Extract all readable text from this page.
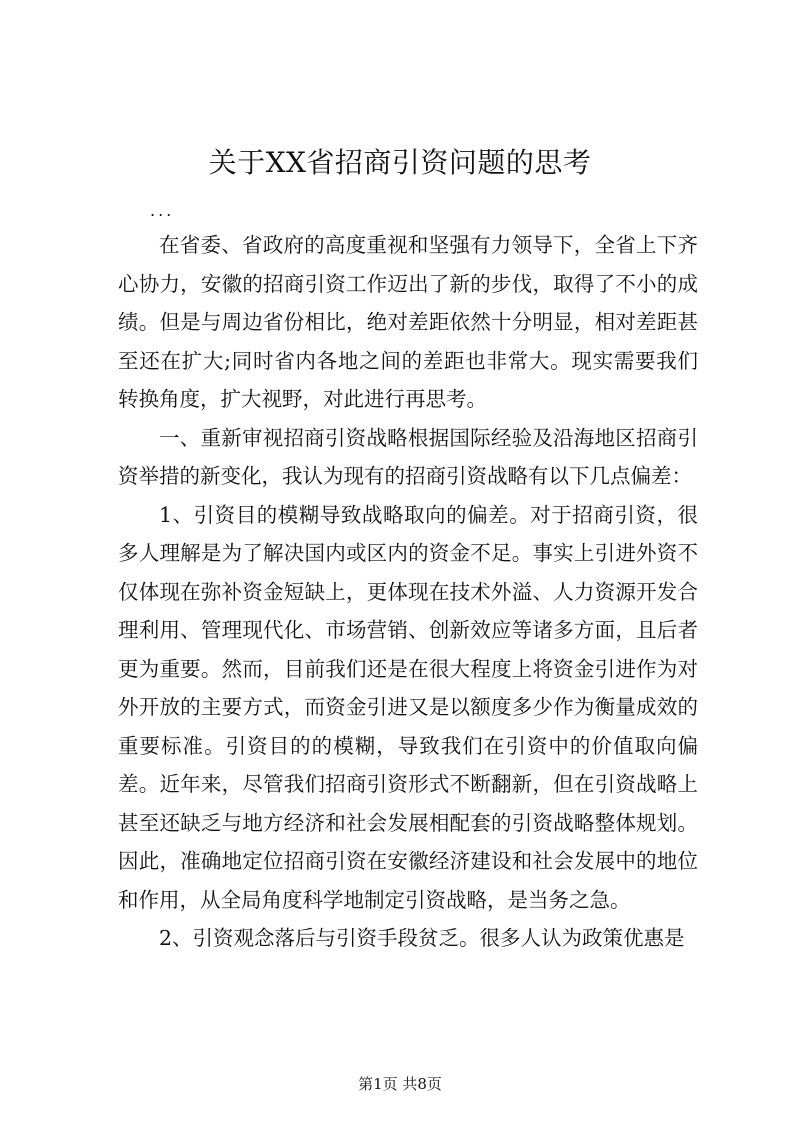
关于XX省招商引资问题的思考
...

在省委、省政府的高度重视和坚强有力领导下，全省上下齐心协力，安徽的招商引资工作迈出了新的步伐，取得了不小的成绩。但是与周边省份相比，绝对差距依然十分明显，相对差距甚至还在扩大;同时省内各地之间的差距也非常大。现实需要我们转换角度，扩大视野，对此进行再思考。

一、重新审视招商引资战略根据国际经验及沿海地区招商引资举措的新变化，我认为现有的招商引资战略有以下几点偏差：

1、引资目的模糊导致战略取向的偏差。对于招商引资，很多人理解是为了解决国内或区内的资金不足。事实上引进外资不仅体现在弥补资金短缺上，更体现在技术外溢、人力资源开发合理利用、管理现代化、市场营销、创新效应等诸多方面，且后者更为重要。然而，目前我们还是在很大程度上将资金引进作为对外开放的主要方式，而资金引进又是以额度多少作为衡量成效的重要标准。引资目的的模糊，导致我们在引资中的价值取向偏差。近年来，尽管我们招商引资形式不断翻新，但在引资战略上甚至还缺乏与地方经济和社会发展相配套的引资战略整体规划。因此，准确地定位招商引资在安徽经济建设和社会发展中的地位和作用，从全局角度科学地制定引资战略，是当务之急。

2、引资观念落后与引资手段贫乏。很多人认为政策优惠是

第1页 共8页
